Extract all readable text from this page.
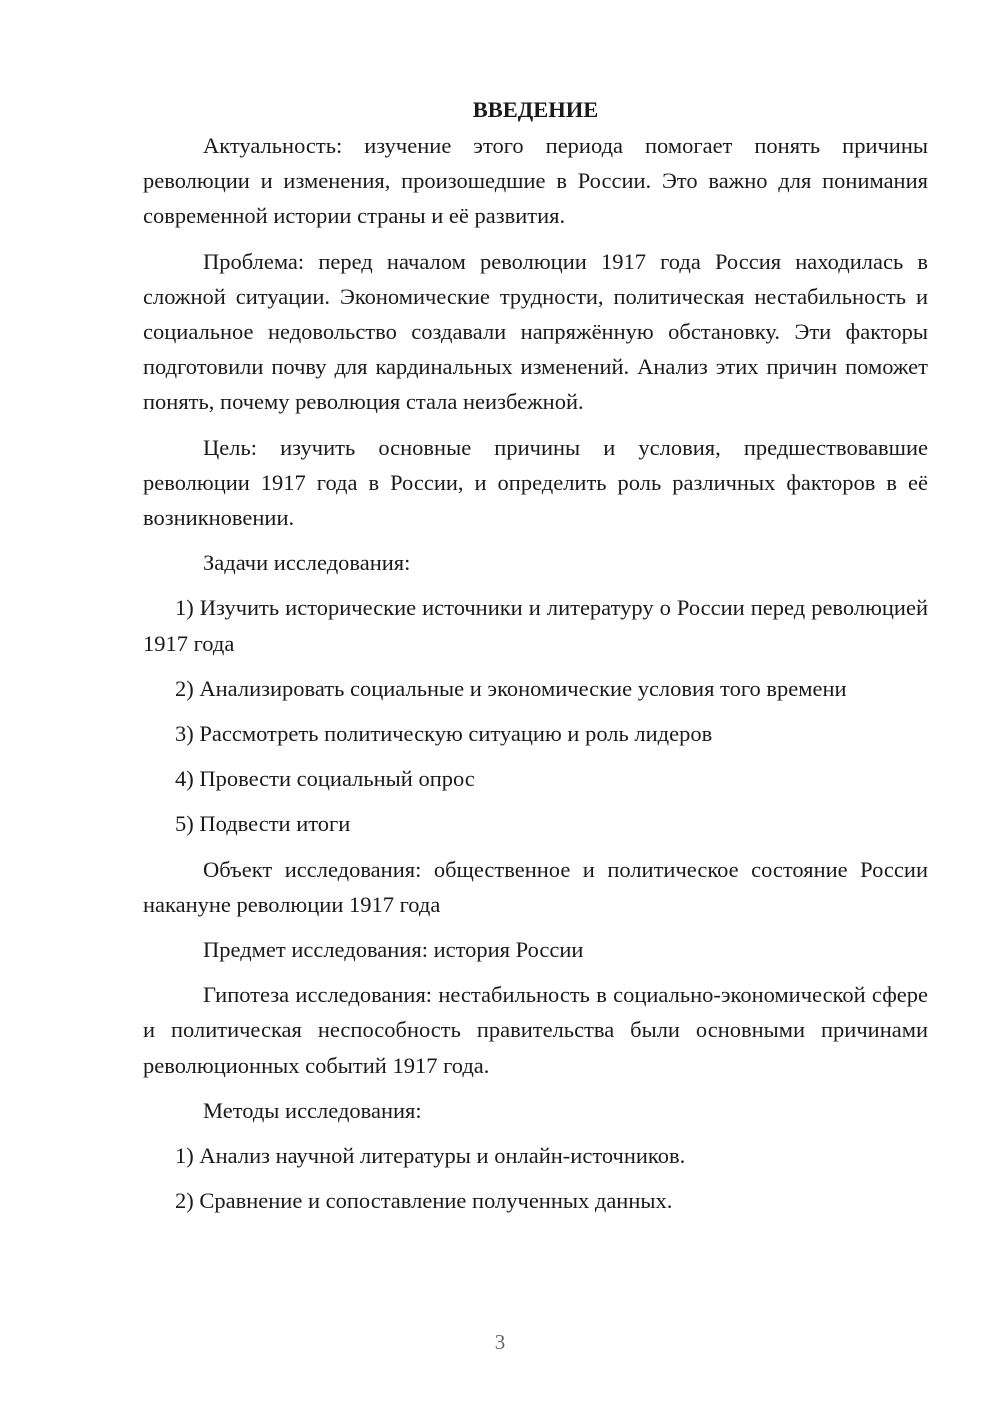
ВВЕДЕНИЕ

Актуальность: изучение этого периода помогает понять причины революции и изменения, произошедшие в России. Это важно для понимания современной истории страны и её развития.

Проблема: перед началом революции 1917 года Россия находилась в сложной ситуации. Экономические трудности, политическая нестабильность и социальное недовольство создавали напряжённую обстановку. Эти факторы подготовили почву для кардинальных изменений. Анализ этих причин поможет понять, почему революция стала неизбежной.

Цель: изучить основные причины и условия, предшествовавшие революции 1917 года в России, и определить роль различных факторов в её возникновении.

Задачи исследования:

1) Изучить исторические источники и литературу о России перед революцией 1917 года

2) Анализировать социальные и экономические условия того времени

3) Рассмотреть политическую ситуацию и роль лидеров

4) Провести социальный опрос

5) Подвести итоги

Объект исследования: общественное и политическое состояние России накануне революции 1917 года

Предмет исследования: история России

Гипотеза исследования: нестабильность в социально-экономической сфере и политическая неспособность правительства были основными причинами революционных событий 1917 года.

Методы исследования:

1) Анализ научной литературы и онлайн-источников.

2) Сравнение и сопоставление полученных данных.

3
